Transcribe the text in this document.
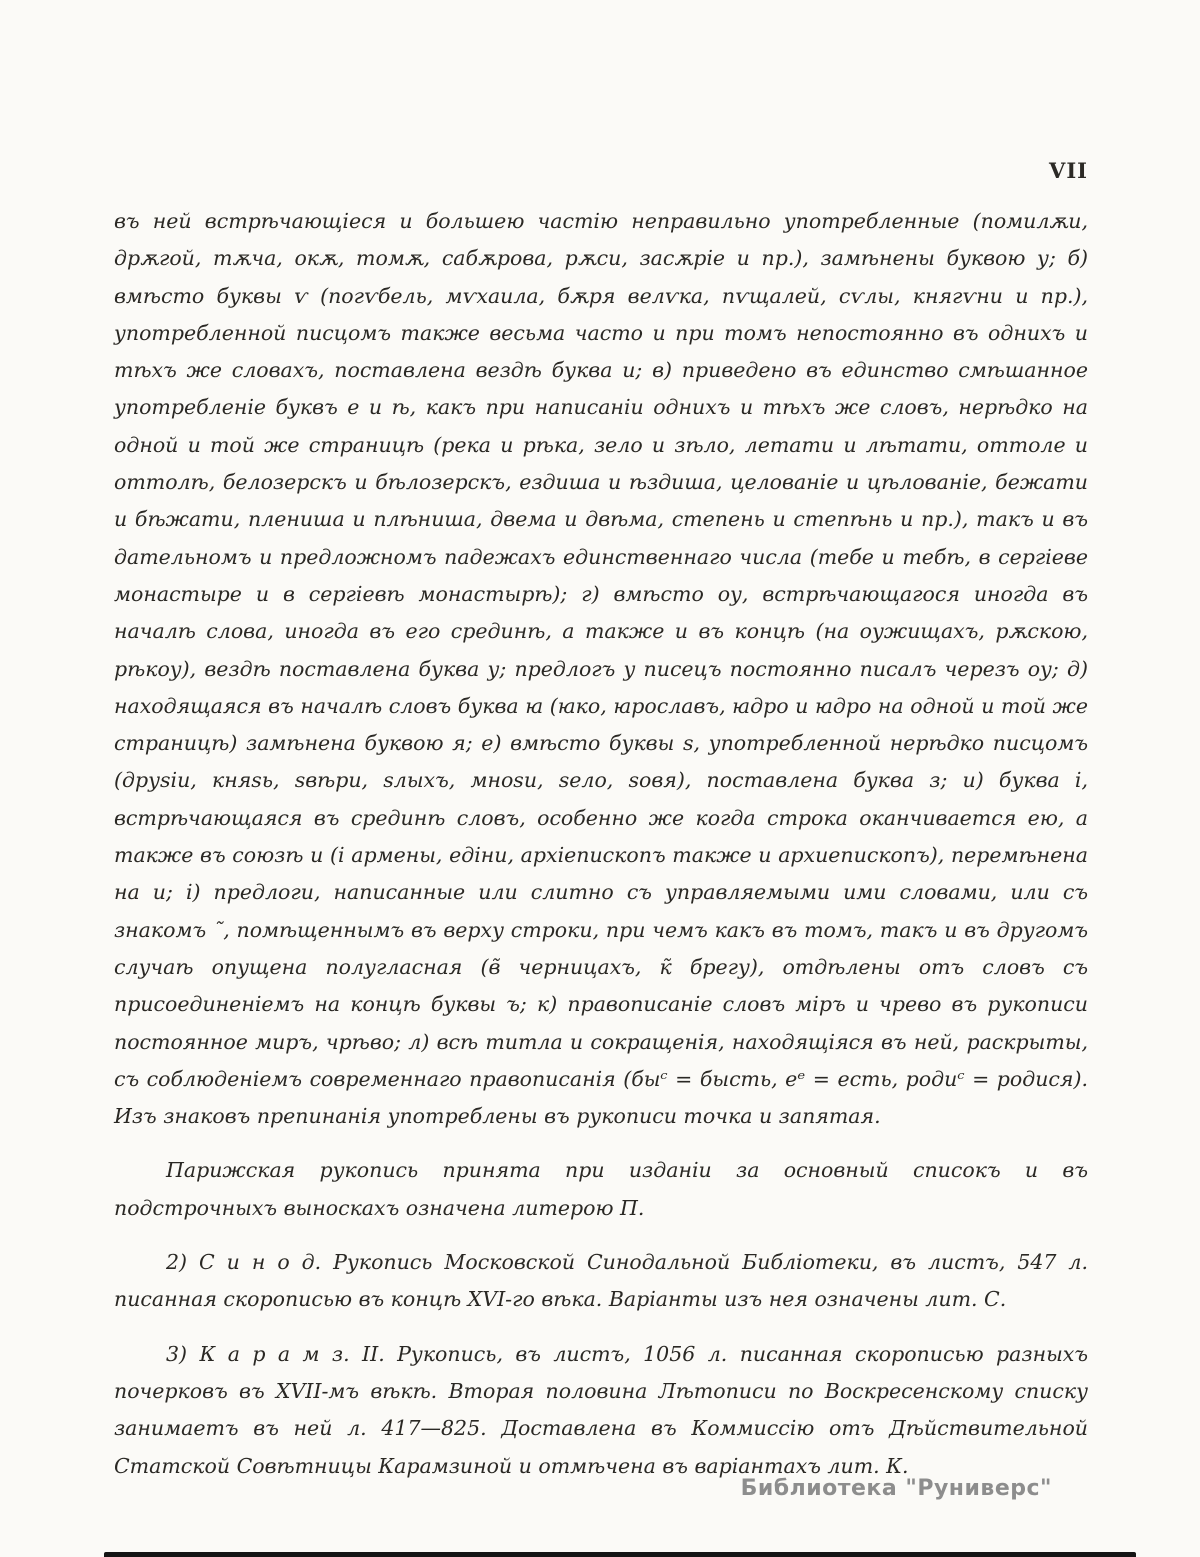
VII

въ ней встрѣчающіеся и большею частію неправильно употребленные (помилѫи, дрѫгой, тѫча, окѫ, томѫ, сабѫрова, рѫси, засѫріе и пр.), замѣнены буквою у; б) вмѣсто буквы ѵ (погѵбель, мѵхаила, бѫря велѵка, пѵщалей, сѵлы, княгѵни и пр.), употребленной писцомъ также весьма часто и при томъ непостоянно въ однихъ и тѣхъ же словахъ, поставлена вездѣ буква и; в) приведено въ единство смѣшанное употребленіе буквъ е и ѣ, какъ при написаніи однихъ и тѣхъ же словъ, нерѣдко на одной и той же страницѣ (река и рѣка, зело и зѣло, летати и лѣтати, оттоле и оттолѣ, белозерскъ и бѣлозерскъ, ездиша и ѣздиша, целованіе и цѣлованіе, бежати и бѣжати, плениша и плѣниша, двема и двѣма, степень и степѣнь и пр.), такъ и въ дательномъ и предложномъ падежахъ единственнаго числа (тебе и тебѣ, в сергіеве монастыре и в сергіевѣ монастырѣ); г) вмѣсто оу, встрѣчающагося иногда въ началѣ слова, иногда въ его срединѣ, а также и въ концѣ (на оужищахъ, рѫскою, рѣкоу), вездѣ поставлена буква у; предлогъ у писецъ постоянно писалъ черезъ оу; д) находящаяся въ началѣ словъ буква ꙗ (ꙗко, ꙗрославъ, ꙗдро и ꙗдро на одной и той же страницѣ) замѣнена буквою я; е) вмѣсто буквы ѕ, употребленной нерѣдко писцомъ (друѕіи, княѕь, ѕвѣри, ѕлыхъ, мноѕи, ѕело, ѕовя), поставлена буква з; и) буква і, встрѣчающаяся въ срединѣ словъ, особенно же когда строка оканчивается ею, а также въ союзѣ и (і армены, едіни, архіепископъ также и архиепископъ), перемѣнена на и; і) предлоги, написанные или слитно съ управляемыми ими словами, или съ знакомъ ˜, помѣщеннымъ въ верху строки, при чемъ какъ въ томъ, такъ и въ другомъ случаѣ опущена полугласная (в̃ черницахъ, к̃ брегу), отдѣлены отъ словъ съ присоединеніемъ на концѣ буквы ъ; к) правописаніе словъ міръ и чрево въ рукописи постоянное миръ, чрѣво; л) всѣ титла и сокращенія, находящіяся въ ней, раскрыты, съ соблюденіемъ современнаго правописанія (быᶜ = бысть, еᵉ = есть, родиᶜ = родися). Изъ знаковъ препинанія употреблены въ рукописи точка и запятая.

Парижская рукопись принята при изданіи за основный списокъ и въ подстрочныхъ выноскахъ означена литерою П.

2) С и н о д. Рукопись Московской Синодальной Библіотеки, въ листъ, 547 л. писанная скорописью въ концѣ XVI-го вѣка. Варіанты изъ нея означены лит. С.

3) К а р а м з. II. Рукопись, въ листъ, 1056 л. писанная скорописью разныхъ почерковъ въ XVII-мъ вѣкѣ. Вторая половина Лѣтописи по Воскресенскому списку занимаетъ въ ней л. 417—825. Доставлена въ Коммиссію отъ Дѣйствительной Статской Совѣтницы Карамзиной и отмѣчена въ варіантахъ лит. К.

Библиотека "Руниверс"
